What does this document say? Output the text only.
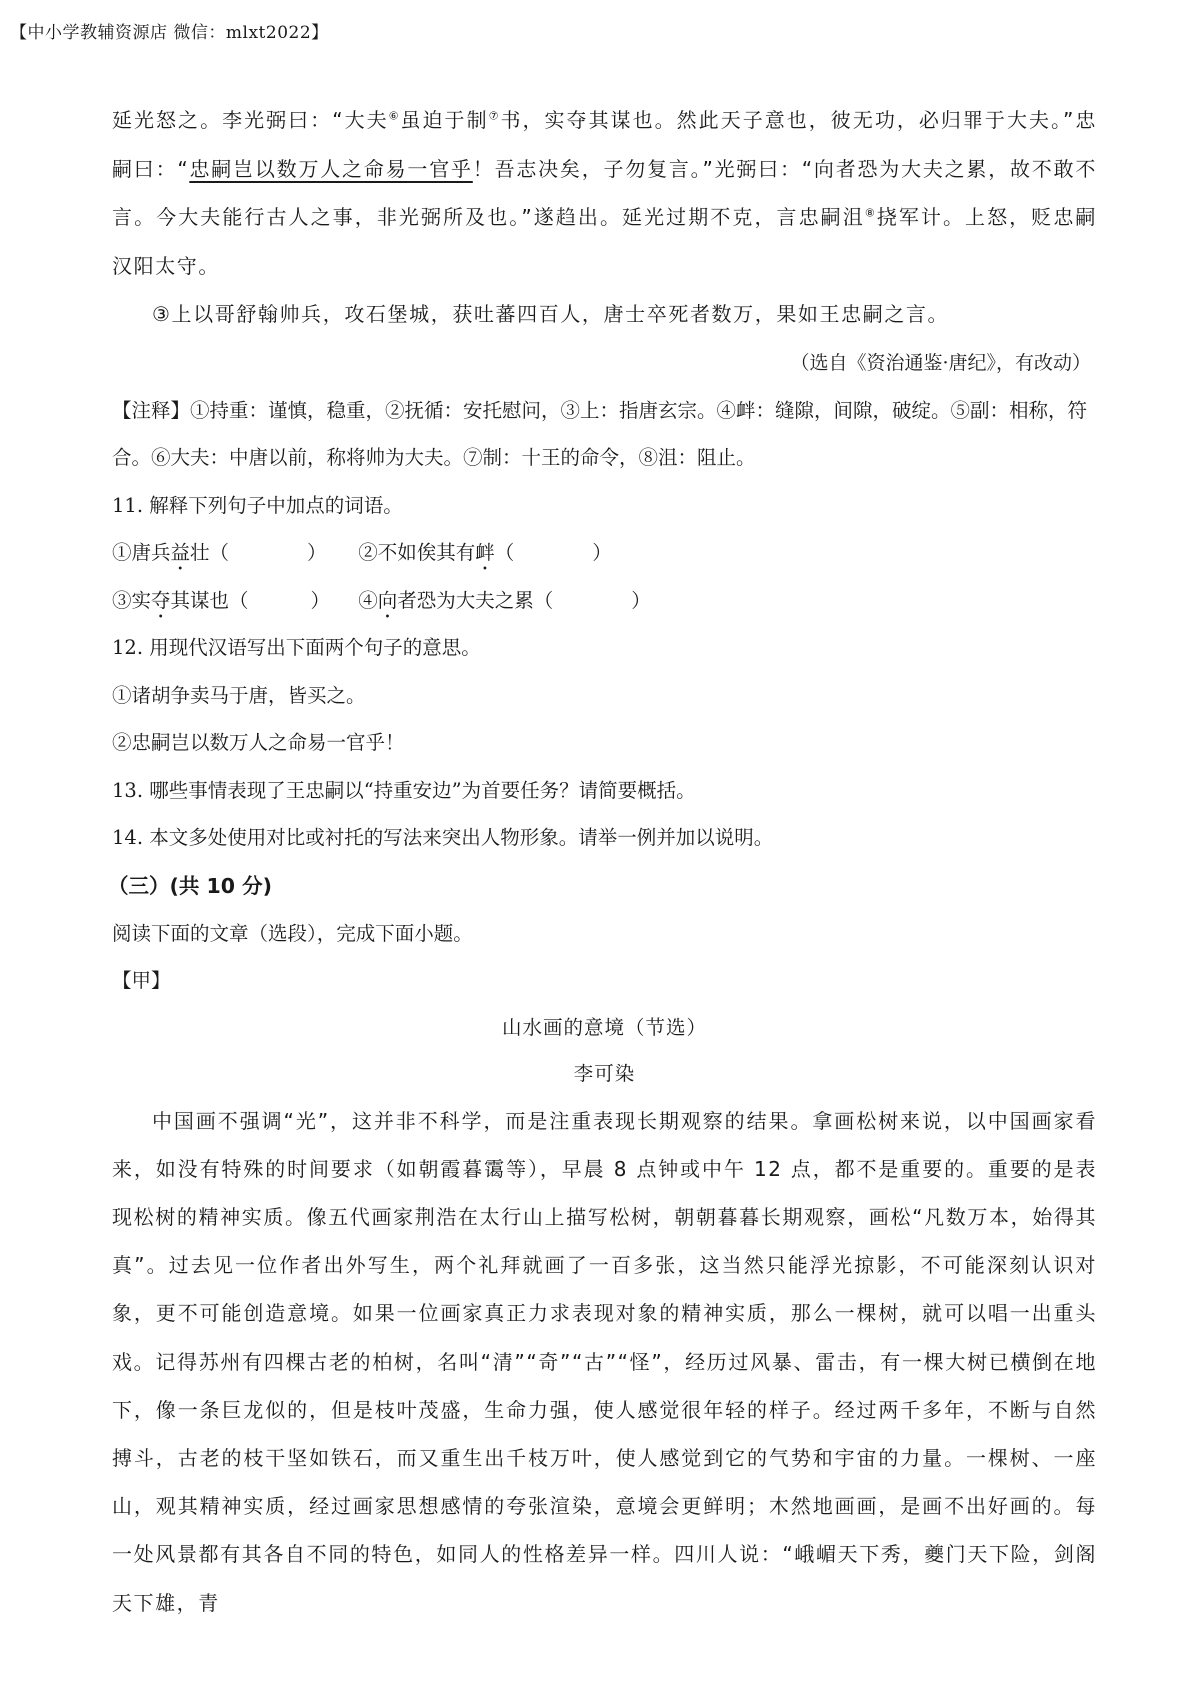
【中小学教辅资源店 微信：mlxt2022】

延光怒之。李光弼曰：“大夫⑥虽迫于制⑦书，实夺其谋也。然此天子意也，彼无功，必归罪于大夫。”忠嗣曰：“忠嗣岂以数万人之命易一官乎！吾志决矣，子勿复言。”光弼曰：“向者恐为大夫之累，故不敢不言。今大夫能行古人之事，非光弼所及也。”遂趋出。延光过期不克，言忠嗣沮⑧挠军计。上怒，贬忠嗣汉阳太守。

③上以哥舒翰帅兵，攻石堡城，获吐蕃四百人，唐士卒死者数万，果如王忠嗣之言。

（选自《资治通鉴·唐纪》，有改动）

【注释】①持重：谨慎，稳重，②抚循：安托慰问，③上：指唐玄宗。④衅：缝隙，间隙，破绽。⑤副：相称，符合。⑥大夫：中唐以前，称将帅为大夫。⑦制：十王的命令，⑧沮：阻止。

11. 解释下列句子中加点的词语。

①唐兵益壮（	） ②不如俟其有衅（	）

③实夺其谋也（	） ④向者恐为大夫之累（	）

12. 用现代汉语写出下面两个句子的意思。

①诸胡争卖马于唐，皆买之。

②忠嗣岂以数万人之命易一官乎！

13. 哪些事情表现了王忠嗣以“持重安边”为首要任务？请简要概括。

14. 本文多处使用对比或衬托的写法来突出人物形象。请举一例并加以说明。

（三）(共 10 分)

阅读下面的文章（选段），完成下面小题。

【甲】

山水画的意境（节选）

李可染

中国画不强调“光”，这并非不科学，而是注重表现长期观察的结果。拿画松树来说，以中国画家看来，如没有特殊的时间要求（如朝霞暮霭等），早晨 8 点钟或中午 12 点，都不是重要的。重要的是表现松树的精神实质。像五代画家荆浩在太行山上描写松树，朝朝暮暮长期观察，画松“凡数万本，始得其真”。过去见一位作者出外写生，两个礼拜就画了一百多张，这当然只能浮光掠影，不可能深刻认识对象，更不可能创造意境。如果一位画家真正力求表现对象的精神实质，那么一棵树，就可以唱一出重头戏。记得苏州有四棵古老的柏树，名叫“清”“奇”“古”“怪”，经历过风暴、雷击，有一棵大树已横倒在地下，像一条巨龙似的，但是枝叶茂盛，生命力强，使人感觉很年轻的样子。经过两千多年，不断与自然搏斗，古老的枝干坚如铁石，而又重生出千枝万叶，使人感觉到它的气势和宇宙的力量。一棵树、一座山，观其精神实质，经过画家思想感情的夸张渲染，意境会更鲜明；木然地画画，是画不出好画的。每一处风景都有其各自不同的特色，如同人的性格差异一样。四川人说：“峨嵋天下秀，夔门天下险，剑阁天下雄，青
